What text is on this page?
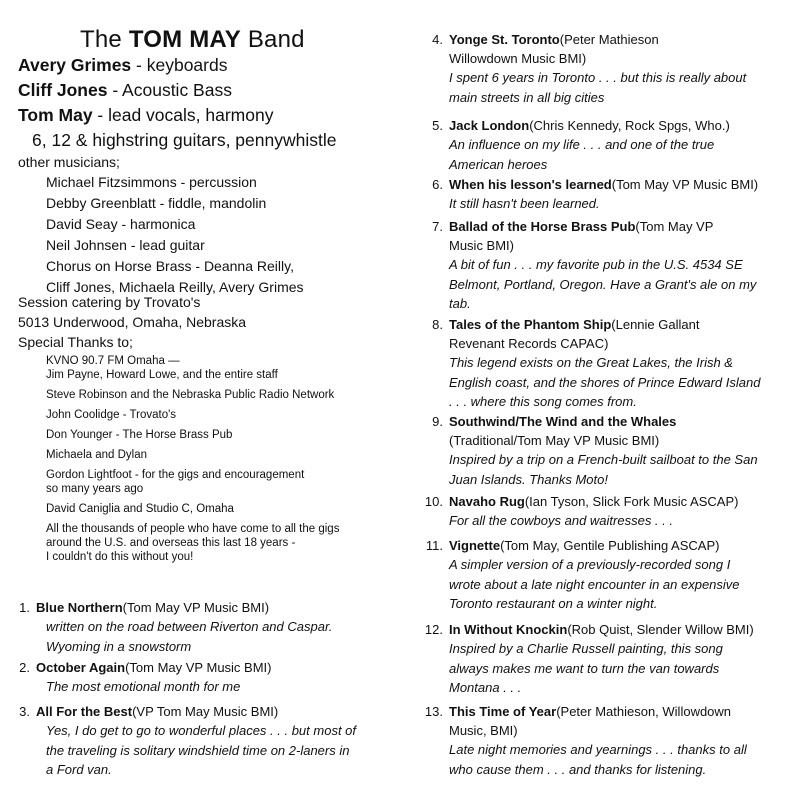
The TOM MAY Band
Avery Grimes - keyboards
Cliff Jones - Acoustic Bass
Tom May - lead vocals, harmony
6, 12 & highstring guitars, pennywhistle
other musicians;
Michael Fitzsimmons - percussion
Debby Greenblatt - fiddle, mandolin
David Seay - harmonica
Neil Johnsen - lead guitar
Chorus on Horse Brass - Deanna Reilly,
Cliff Jones, Michaela Reilly, Avery Grimes
Session catering by Trovato's
5013 Underwood, Omaha, Nebraska
Special Thanks to;
KVNO 90.7 FM Omaha —
Jim Payne, Howard Lowe, and the entire staff
Steve Robinson and the Nebraska Public Radio Network
John Coolidge - Trovato's
Don Younger - The Horse Brass Pub
Michaela and Dylan
Gordon Lightfoot - for the gigs and encouragement
so many years ago
David Caniglia and Studio C, Omaha
All the thousands of people who have come to all the gigs
around the U.S. and overseas this last 18 years -
I couldn't do this without you!
1. Blue Northern (Tom May VP Music BMI)
written on the road between Riverton and Caspar.
Wyoming in a snowstorm
2. October Again (Tom May VP Music BMI)
The most emotional month for me
3. All For the Best (VP Tom May Music BMI)
Yes, I do get to go to wonderful places . . . but most of
the traveling is solitary windshield time on 2-laners in
a Ford van.
4. Yonge St. Toronto (Peter Mathieson
Willowdown Music BMI)
I spent 6 years in Toronto . . . but this is really about
main streets in all big cities
5. Jack London (Chris Kennedy, Rock Spgs, Who.)
An influence on my life . . . and one of the true
American heroes
6. When his lesson's learned (Tom May VP Music BMI)
It still hasn't been learned.
7. Ballad of the Horse Brass Pub (Tom May VP
Music BMI)
A bit of fun . . . my favorite pub in the U.S. 4534 SE
Belmont, Portland, Oregon. Have a Grant's ale on my
tab.
8. Tales of the Phantom Ship (Lennie Gallant
Revenant Records CAPAC)
This legend exists on the Great Lakes, the Irish &
English coast, and the shores of Prince Edward Island
. . . where this song comes from.
9. Southwind/The Wind and the Whales
(Traditional/Tom May VP Music BMI)
Inspired by a trip on a French-built sailboat to the San
Juan Islands. Thanks Moto!
10. Navaho Rug (Ian Tyson, Slick Fork Music ASCAP)
For all the cowboys and waitresses . . .
11. Vignette (Tom May, Gentile Publishing ASCAP)
A simpler version of a previously-recorded song I
wrote about a late night encounter in an expensive
Toronto restaurant on a winter night.
12. In Without Knockin (Rob Quist, Slender Willow BMI)
Inspired by a Charlie Russell painting, this song
always makes me want to turn the van towards
Montana . . .
13. This Time of Year (Peter Mathieson, Willowdown
Music, BMI)
Late night memories and yearnings . . . thanks to all
who cause them . . . and thanks for listening.
